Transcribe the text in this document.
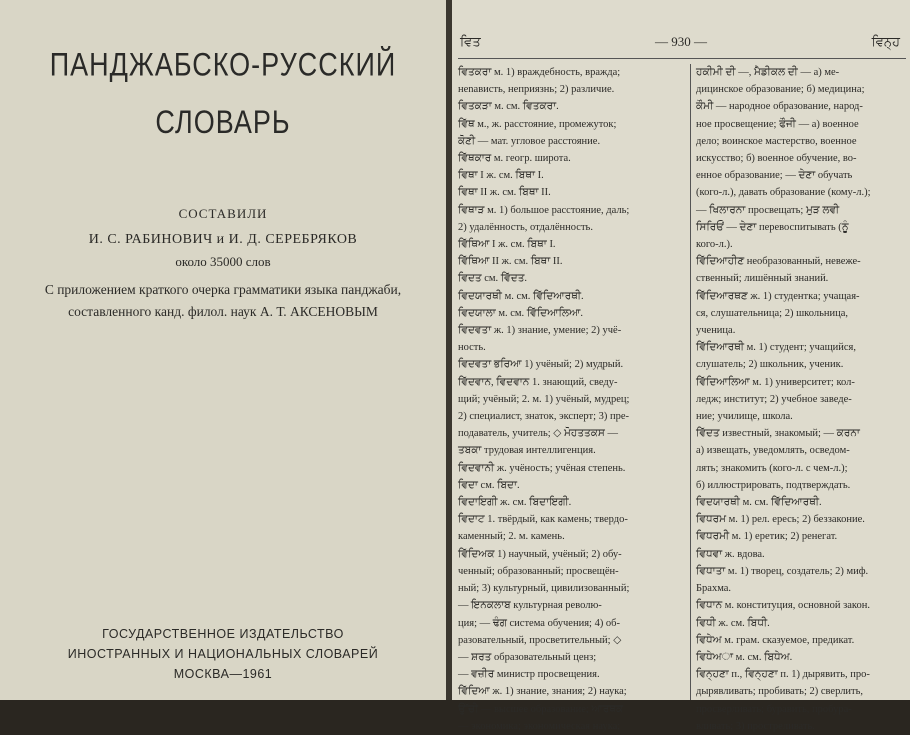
ПАНДЖАБСКО-РУССКИЙ
СЛОВАРЬ
СОСТАВИЛИ
И. С. РАБИНОВИЧ и И. Д. СЕРЕБРЯКОВ
около 35000 слов
С приложением краткого очерка грамматики языка панджаби,
составленного канд. филол. наук А. Т. АКСЕНОВЫМ
ГОСУДАРСТВЕННОЕ ИЗДАТЕЛЬСТВО
ИНОСТРАННЫХ И НАЦИОНАЛЬНЫХ СЛОВАРЕЙ
МОСКВА—1961
ਵਿਤ	— 930 —	ਵਿਨ੍ਹ
ਵਿਤਕਰਾ м. 1) враждебность, вражда;
неnависть, неприязнь; 2) различие.
ਵਿਤਕੜਾ м. см. ਵਿਤਕਰਾ.
ਵਿੱਥ м., ж. расстояние, промежуток;
ਕੋਣੀ — мат. угловое расстояние.
ਵਿੱਥਕਾਰ м. геогр. широта.
ਵਿਥਾ I ж. см. ਬਿਥਾ I.
ਵਿਥਾ II ж. см. ਬਿਥਾ II.
ਵਿਥਾੜ м. 1) большое расстояние, даль;
2) удалённость, отдалённость.
ਵਿੱਥਿਆ I ж. см. ਬਿਥਾ I.
ਵਿੱਥਿਆ II ж. см. ਬਿਥਾ II.
ਵਿਦਤ см. ਵਿੱਦਤ.
ਵਿਦਯਾਰਥੀ м. см. ਵਿੱਦਿਆਰਥੀ.
ਵਿਦਯਾਲਾ м. см. ਵਿੱਦਿਆਲਿਆ.
ਵਿਦਵਤਾ ж. 1) знание, умение; 2) учё-
ность.
ਵਿਦਵਤਾ ਭਰਿਆ 1) учёный; 2) мудрый.
ਵਿੱਦਵਾਨ, ਵਿਦਵਾਨ 1. знающий, сведу-
щий; учёный; 2. м. 1) учёный, мудрец;
2) специалист, знаток, эксперт; 3) пре-
подаватель, учитель; ◇ ਮੋਹਤਤਕਸ —
ਤਬਕਾ трудовая интеллигенция.
ਵਿਦਵਾਨੀ ж. учёность; учёная степень.
ਵਿਦਾ см. ਬਿਦਾ.
ਵਿਦਾਇਗੀ ж. см. ਬਿਦਾਇਗੀ.
ਵਿਦਾਟ 1. твёрдый, как камень; твердо-
каменный; 2. м. камень.
ਵਿੱਦਿਅਕ 1) научный, учёный; 2) обу-
ченный; образованный; просвещён-
ный; 3) культурный, цивилизованный;
— ਇਨਕਲਾਬ культурная револю-
ция; — ਢੰਗ система обучения; 4) об-
разовательный, просветительный; ◇
— ਸ਼ਰਤ образовательный ценз;
— ਵਜ਼ੀਰ министр просвещения.
ਵਿੱਦਿਆ ж. 1) знание, знания; 2) наука;
ਉੱਚੀ — высшее образование; ਆਰਥਕ
— экономика; экономическая наука;
ਹਕੀਮੀ ਦੀ —, ਮੈਡੀਕਲ ਦੀ — а) ме-
дицинское образование; б) медицина;
ਕੌਮੀ — народное образование, народ-
ное просвещение; ਫੌਜੀ — а) военное
дело; воинское мастерство, военное
искусство; б) военное обучение, во-
енное образование; — ਦੇਣਾ обучать
(кого-л.), давать образование (кому-л.);
— ਖਿਲਾਰਨਾ просвещать; ਮੁੜ ਲਵੀ
ਸਿਰਿਓਂ — ਦੇਣਾ перевоспитывать (ਨੂੰ
кого-л.).
ਵਿੱਦਿਆਹੀਣ необразованный, невеже-
ственный; лишённый знаний.
ਵਿੱਦਿਆਰਥਣ ж. 1) студентка; учащая-
ся, слушательница; 2) школьница,
ученица.
ਵਿੱਦਿਆਰਥੀ м. 1) студент; учащийся,
слушатель; 2) школьник, ученик.
ਵਿੱਦਿਆਲਿਆ м. 1) университет; кол-
ледж; институт; 2) учебное заведе-
ние; училище, школа.
ਵਿੱਦਤ известный, знакомый; — ਕਰਨਾ
а) извещать, уведомлять, осведом-
лять; знакомить (кого-л. с чем-л.);
б) иллюстрировать, подтверждать.
ਵਿਦਯਾਰਥੀ м. см. ਵਿੱਦਿਆਰਥੀ.
ਵਿਧਰਮ м. 1) рел. ересь; 2) беззаконие.
ਵਿਧਰਮੀ м. 1) еретик; 2) ренегат.
ਵਿਧਵਾ ж. вдова.
ਵਿਧਾਤਾ м. 1) творец, создатель; 2) миф.
Брахма.
ਵਿਧਾਨ м. конституция, основной закон.
ਵਿਧੀ ж. см. ਬਿਧੀ.
ਵਿਧੇਅ м. грам. сказуемое, предикат.
ਵਿਧੇਅਾ м. см. ਬਿਧੇਅ.
ਵਿਨ੍ਹਣਾ п., ਵਿਨ੍ਹਣਾ п. 1) дырявить, про-
дырявливать; пробивать; 2) сверлить,
просверливать; буравить, пробура-
вливать; 3) простреливать.
